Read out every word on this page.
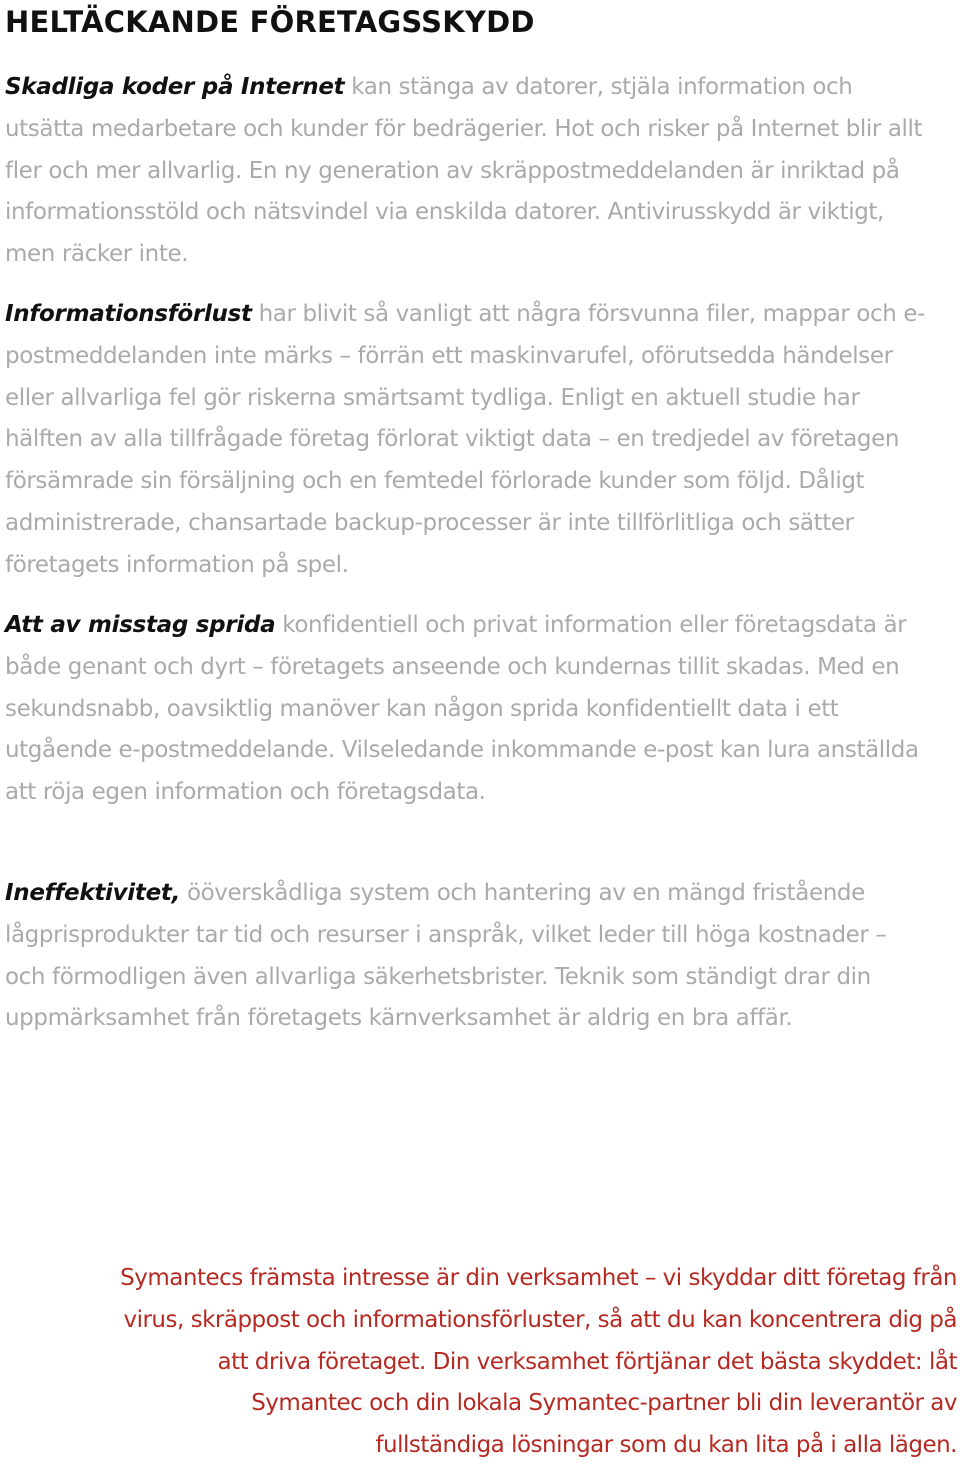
HELTÄCKANDE FÖRETAGSSKYDD

Skadliga koder på Internet kan stänga av datorer, stjäla information och utsätta medarbetare och kunder för bedrägerier. Hot och risker på Internet blir allt fler och mer allvarlig. En ny generation av skräppostmeddelanden är inriktad på informationsstöld och nätsvindel via enskilda datorer. Antivirusskydd är viktigt, men räcker inte.

Informationsförlust har blivit så vanligt att några försvunna filer, mappar och e-postmeddelanden inte märks – förrän ett maskinvarufel, oförutsedda händelser eller allvarliga fel gör riskerna smärtsamt tydliga. Enligt en aktuell studie har hälften av alla tillfrågade företag förlorat viktigt data – en tredjedel av företagen försämrade sin försäljning och en femtedel förlorade kunder som följd. Dåligt administrerade, chansartade backup-processer är inte tillförlitliga och sätter företagets information på spel.

Att av misstag sprida konfidentiell och privat information eller företagsdata är både genant och dyrt – företagets anseende och kundernas tillit skadas. Med en sekundsnabb, oavsiktlig manöver kan någon sprida konfidentiellt data i ett utgående e-postmeddelande. Vilseledande inkommande e-post kan lura anställda att röja egen information och företagsdata.

Ineffektivitet, ööverskådliga system och hantering av en mängd fristående lågprisprodukter tar tid och resurser i anspråk, vilket leder till höga kostnader – och förmodligen även allvarliga säkerhetsbrister. Teknik som ständigt drar din uppmärksamhet från företagets kärnverksamhet är aldrig en bra affär.

Symantecs främsta intresse är din verksamhet – vi skyddar ditt företag från virus, skräppost och informationsförluster, så att du kan koncentrera dig på att driva företaget. Din verksamhet förtjänar det bästa skyddet: låt Symantec och din lokala Symantec-partner bli din leverantör av fullständiga lösningar som du kan lita på i alla lägen.
